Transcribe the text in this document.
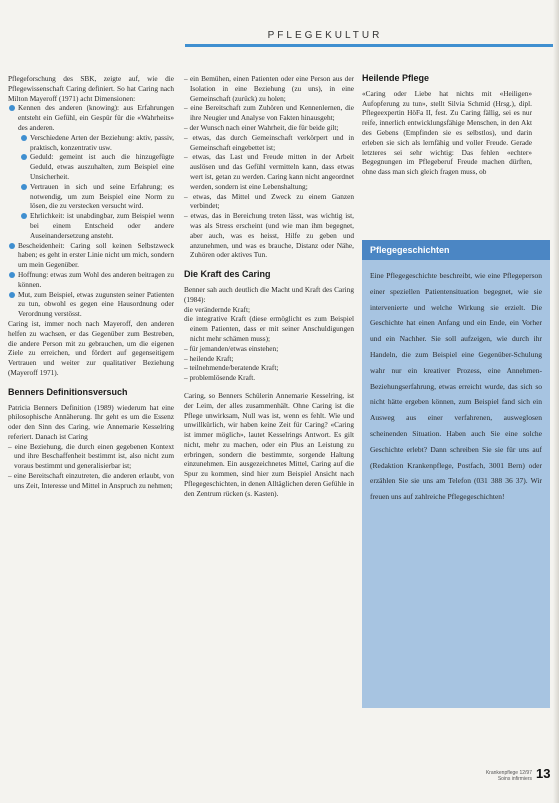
PFLEGEKULTUR

Pflegeforschung des SBK, zeigte auf, wie die Pflegewissenschaft Caring definiert. So hat Caring nach Milton Mayeroff (1971) acht Dimensionen:

Kennen des anderen (knowing): aus Erfahrungen entsteht ein Gefühl, ein Gespür für die «Wahrheits» des anderen.

Verschiedene Arten der Beziehung: aktiv, passiv, praktisch, konzentrativ usw.

Geduld: gemeint ist auch die hinzugefügte Geduld, etwas auszuhalten, zum Beispiel eine Unsicherheit.

Vertrauen in sich und seine Erfahrung; es notwendig, um zum Beispiel eine Norm zu lösen, die zu verstecken versucht wird.

Ehrlichkeit: ist unabdingbar, zum Beispiel wenn bei einem Entscheid oder andere Auseinandersetzung ansteht.

Bescheidenheit: Caring soll keinen Selbstzweck haben; es geht in erster Linie nicht um mich, sondern um mein Gegenüber.

Hoffnung: etwas zum Wohl des anderen beitragen zu können.

Mut, zum Beispiel, etwas zugunsten seiner Patienten zu tun, obwohl es gegen eine Hausordnung oder Verordnung verstösst.

Caring ist, immer noch nach Mayeroff, den anderen helfen zu wachsen, er das Gegenüber zum Bestreben, die andere Person mit zu gebrauchen, um die eigenen Ziele zu erreichen, und fördert auf gegenseitigem Vertrauen und weiter zur qualitativer Beziehung (Mayeroff 1971).

Benners Definitionsversuch

Patricia Benners Definition (1989) wiederum hat eine philosophische Annäherung. Ihr geht es um die Essenz oder den Sinn des Caring, wie Annemarie Kesselring referiert. Danach ist Caring

– eine Beziehung, die durch einen gegebenen Kontext und ihre Beschaffenheit bestimmt ist, also nicht zum voraus bestimmt und generalisierbar ist;

– eine Bereitschaft einzutreten, die anderen erlaubt, von uns Zeit, Interesse und Mittel in Anspruch zu nehmen;

– ein Bemühen, einen Patienten oder eine Person aus der Isolation in eine Beziehung (zu uns), in eine Gemeinschaft (zurück) zu holen;

– eine Bereitschaft zum Zuhören und Kennenlernen, die ihre Neugier und Analyse von Fakten hinausgeht;

– der Wunsch nach einer Wahrheit, die für beide gilt;

– etwas, das durch Gemeinschaft verkörpert und in Gemeinschaft eingebettet ist;

– etwas, das Last und Freude mitten in der Arbeit auslösen und das Gefühl vermitteln kann, dass etwas wert ist, getan zu werden. Caring kann nicht angeordnet werden, sondern ist eine Lebenshaltung;

– etwas, das Mittel und Zweck zu einem Ganzen verbindet;

– etwas, das in Bereichung treten lässt, was wichtig ist, was als Stress erscheint (und wie man ihm begegnet, aber auch, was es heisst, Hilfe zu geben und anzunehmen, und was es brauche, Distanz oder Nähe, Zuhören oder aktives Tun.

Die Kraft des Caring

Benner sah auch deutlich die Macht und Kraft des Caring (1984):

die verändernde Kraft;

die integrative Kraft (diese ermöglicht es zum Beispiel einem Patienten, dass er mit seiner Anschuldigungen nicht mehr schämen muss);

– für jemanden/etwas einstehen;

– heilende Kraft;

– teilnehmende/beratende Kraft;

– problemlösende Kraft.

Caring, so Benners Schülerin Annemarie Kesselring, ist der Leim, der alles zusammenhält. Ohne Caring ist die Pflege unwirksam, Null was ist, wenn es fehlt. Wie und unwillkürlich, wir haben keine Zeit für Caring? «Caring ist immer möglich», lautet Kesselrings Antwort. Es gilt nicht, mehr zu machen, oder ein Plus an Leistung zu erbringen, sondern die bestimmte, sorgende Haltung einzunehmen. Ein ausgezeichnetes Mittel, Caring auf die Spur zu kommen, sind hier zum Beispiel Ansicht nach Pflegegeschichten, in denen Alltäglichen deren Gefühle in den Zentrum rücken (s. Kasten).

Heilende Pflege

«Caring oder Liebe hat nichts mit «Heiligen» Aufopferung zu tun», stellt Silvia Schmid (Hrsg.), dipl. Pflegeexpertin HöFa II, fest. Zu Caring fällig, sei es nur reife, innerlich entwicklungsfähige Menschen, in den Akt des Gebens (Empfinden sie es selbstlos), und darin erleben sie sich als lernfähig und voller Freude. Gerade letzteres sei sehr wichtig: Das fehlen «echter» Begegnungen im Pflegeberuf Freude machen dürften, ohne dass man sich gleich fragen muss, ob

Pflegegeschichten
Eine Pflegegeschichte beschreibt, wie eine Pflegeperson einer speziellen Patientensituation begegnet, wie sie intervenierte und welche Wirkung sie erzielt. Die Geschichte hat einen Anfang und ein Ende, ein Vorher und ein Nachher. Sie soll aufzeigen, wie durch ihr Handeln, die zum Beispiel eine Gegenüber-Schulung wahr nur ein kreativer Prozess, eine Annehmen-Beziehungserfahrung, etwas erreicht wurde, das sich so nicht hätte ergeben können, zum Beispiel fand sich ein Ausweg aus einer verfahrenen, ausweglosen scheinenden Situation. Haben auch Sie eine solche Geschichte erlebt? Dann schreiben Sie sie für uns auf (Redaktion Krankenpflege, Postfach, 3001 Bern) oder erzählen Sie sie uns am Telefon (031 388 36 37). Wir freuen uns auf zahlreiche Pflegegeschichten!
Krankenpflege 12/97 Soins infirmiers 13
